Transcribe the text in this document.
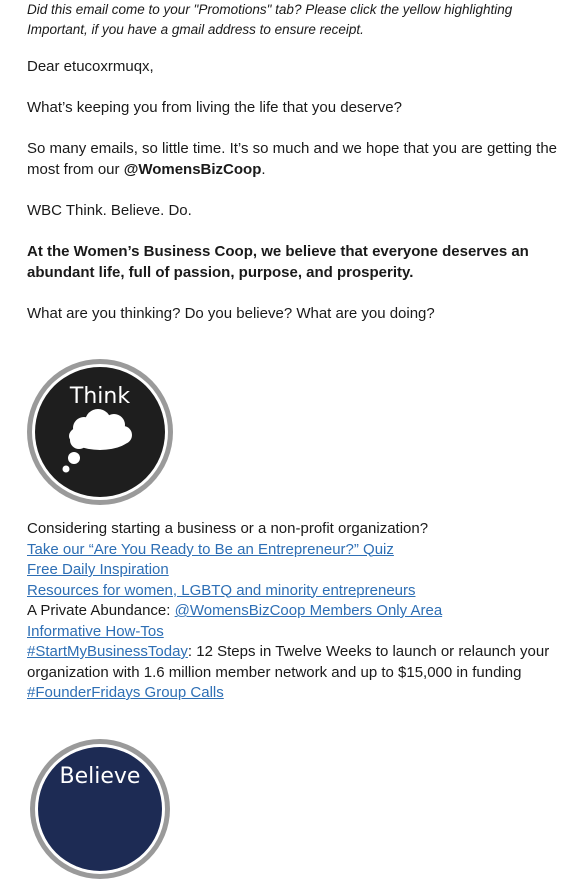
Did this email come to your "Promotions" tab? Please click the yellow highlighting Important, if you have a gmail address to ensure receipt.

Dear etucoxrmuqx,

What’s keeping you from living the life that you deserve?

So many emails, so little time. It’s so much and we hope that you are getting the most from our @WomensBizCoop.

WBC Think. Believe. Do.

At the Women’s Business Coop, we believe that everyone deserves an abundant life, full of passion, purpose, and prosperity.

What are you thinking? Do you believe? What are you doing?

Think

Considering starting a business or a non-profit organization?

Take our “Are You Ready to Be an Entrepreneur?” Quiz

Free Daily Inspiration

Resources for women, LGBTQ and minority entrepreneurs

A Private Abundance: @WomensBizCoop Members Only Area

Informative How-Tos

#StartMyBusinessToday: 12 Steps in Twelve Weeks to launch or relaunch your organization with 1.6 million member network and up to $15,000 in funding

#FounderFridays Group Calls

Believe
